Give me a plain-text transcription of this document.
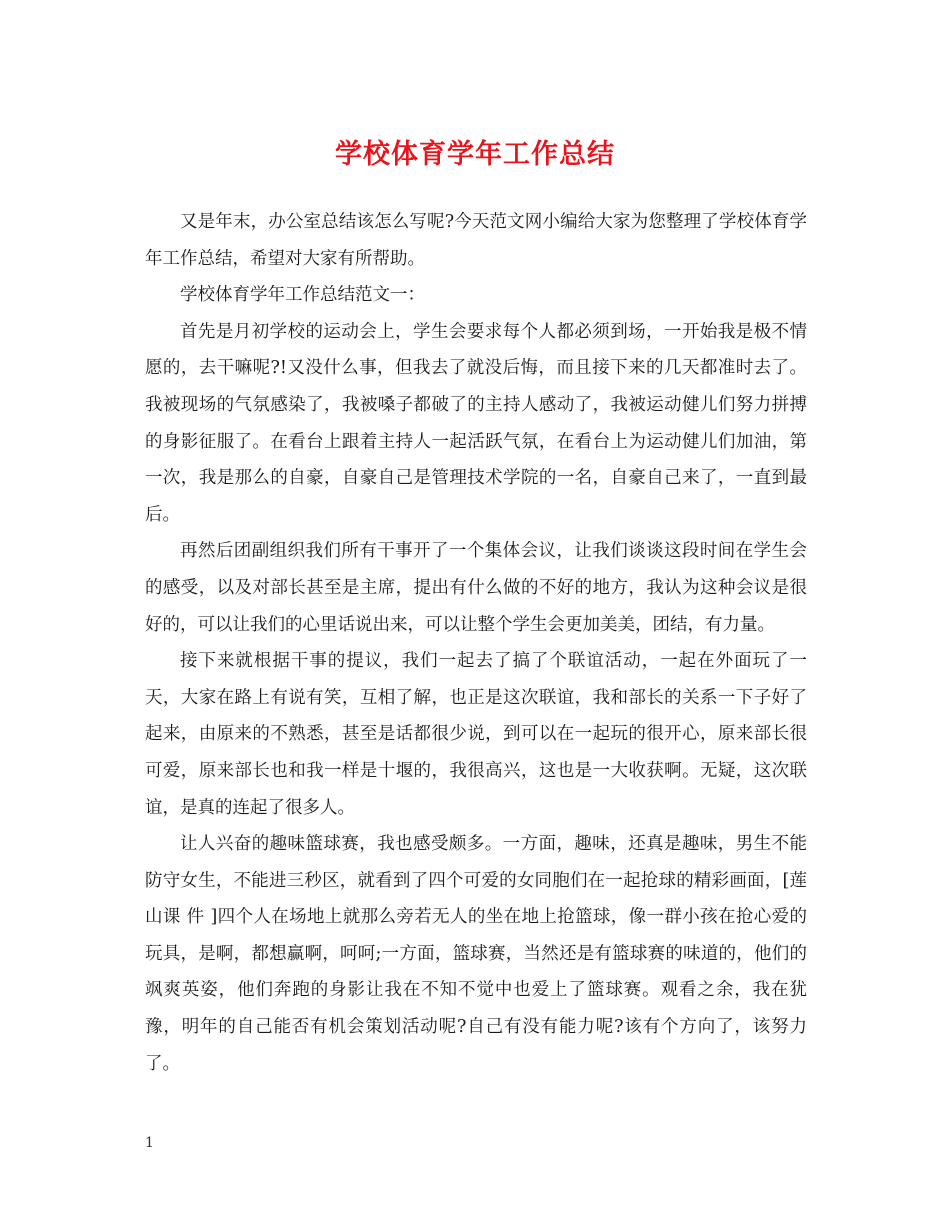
学校体育学年工作总结

又是年末，办公室总结该怎么写呢?今天范文网小编给大家为您整理了学校体育学年工作总结，希望对大家有所帮助。

学校体育学年工作总结范文一：

首先是月初学校的运动会上，学生会要求每个人都必须到场，一开始我是极不情愿的，去干嘛呢?!又没什么事，但我去了就没后悔，而且接下来的几天都准时去了。我被现场的气氛感染了，我被嗓子都破了的主持人感动了，我被运动健儿们努力拼搏的身影征服了。在看台上跟着主持人一起活跃气氛，在看台上为运动健儿们加油，第一次，我是那么的自豪，自豪自己是管理技术学院的一名，自豪自己来了，一直到最后。

再然后团副组织我们所有干事开了一个集体会议，让我们谈谈这段时间在学生会的感受，以及对部长甚至是主席，提出有什么做的不好的地方，我认为这种会议是很好的，可以让我们的心里话说出来，可以让整个学生会更加美美，团结，有力量。

接下来就根据干事的提议，我们一起去了搞了个联谊活动，一起在外面玩了一天，大家在路上有说有笑，互相了解，也正是这次联谊，我和部长的关系一下子好了起来，由原来的不熟悉，甚至是话都很少说，到可以在一起玩的很开心，原来部长很可爱，原来部长也和我一样是十堰的，我很高兴，这也是一大收获啊。无疑，这次联谊，是真的连起了很多人。

让人兴奋的趣味篮球赛，我也感受颇多。一方面，趣味，还真是趣味，男生不能防守女生，不能进三秒区，就看到了四个可爱的女同胞们在一起抢球的精彩画面，[莲山课 件 ]四个人在场地上就那么旁若无人的坐在地上抢篮球，像一群小孩在抢心爱的玩具，是啊，都想赢啊，呵呵;一方面，篮球赛，当然还是有篮球赛的味道的，他们的飒爽英姿，他们奔跑的身影让我在不知不觉中也爱上了篮球赛。观看之余，我在犹豫，明年的自己能否有机会策划活动呢?自己有没有能力呢?该有个方向了，该努力了。

1
